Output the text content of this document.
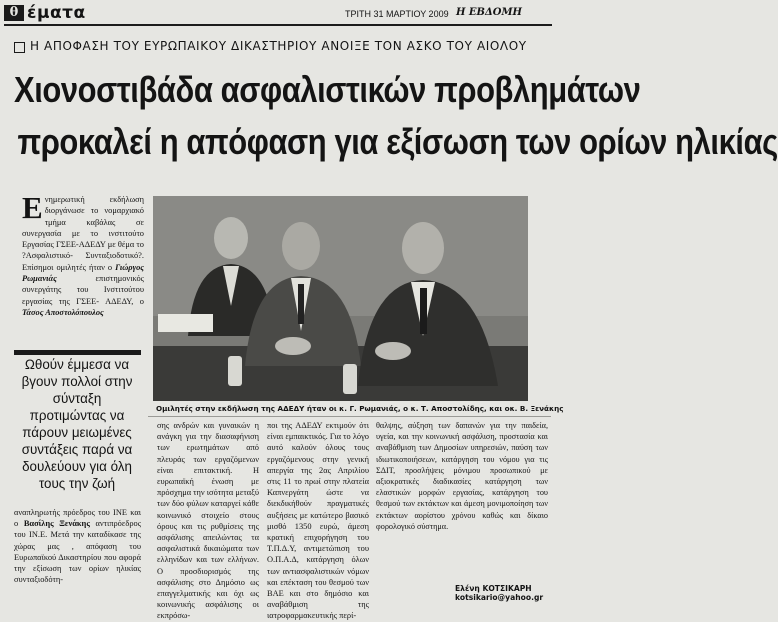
θ έματα	ΤΡΙΤΗ 31 ΜΑΡΤΙΟΥ 2009 Η ΕΒΔΟΜΗ
Η ΑΠΟΦΑΣΗ ΤΟΥ ΕΥΡΩΠΑΙΚΟΥ ΔΙΚΑΣΤΗΡΙΟΥ ΑΝΟΙΞΕ ΤΟΝ ΑΣΚΟ ΤΟΥ ΑΙΟΛΟΥ
Χιονοστιβάδα ασφαλιστικών προβλημάτων
προκαλεί η απόφαση για εξίσωση των ορίων ηλικίας
Ενημερωτική εκδήλωση διοργάνωσε το νομαρχιακό τμήμα καβάλας σε συνεργασία με το ινστιτούτο Εργασίας ΓΣΕΕ-ΑΔΕΔΥ με θέμα το ?Ασφαλιστικό- Συνταξιοδοτικό?. Επίσημοι ομιλητές ήταν ο Γιώργος Ρωμανιάς επιστημονικός συνεργάτης του Ινστιτούτου εργασίας της ΓΣΕΕ- ΑΔΕΔΥ, ο Τάσος Αποστολόπουλος
Ωθούν έμμεσα να βγουν πολλοί στην σύνταξη προτιμώντας να πάρουν μειωμένες συντάξεις παρά να δουλεύουν για όλη τους την ζωή
Ομιλητές στην εκδήλωση της ΑΔΕΔΥ ήταν οι κ. Γ. Ρωμανιάς, ο κ. Τ. Αποστολίδης, και οκ. Β. Ξενάκης
αναπληρωτής πρόεδρος του ΙΝΕ και ο Βασίλης Ξενάκης αντιπρόεδρος του ΙΝ.Ε. Μετά την καταδίκασε της χώρας μας , απόφαση του Ευρωπαϊκού Δικαστηρίου που αφορά την εξίσωση των ορίων ηλικίας συνταξιοδότη-
σης ανδρών και γυναικών η ανάγκη για την διασαφήνιση των ερωτημάτων από πλευράς των εργαζόμενων είναι επιτακτική. Η ευρωπαϊκή ένωση με πρόσχημα την ισότητα μεταξύ των δύο φύλων καταργεί κάθε κοινωνικό στοιχείο στους όρους και τις ρυθμίσεις της ασφάλισης απειλώντας τα ασφαλιστικά δικαιώματα των ελληνίδων και των ελλήνων. Ο προσδιορισμός της ασφάλισης στο Δημόσιο ως επαγγελματικής και όχι ως κοινωνικής ασφάλισης οι εκπρόσω-
ποι της ΑΔΕΔΥ εκτιμούν ότι είναι εμπαικτικός. Για το λόγο αυτό καλούν όλους τους εργαζόμενους στην γενική απεργία της 2ας Απριλίου στις 11 το πρωί στην πλατεία Καπνεργάτη ώστε να διεκδικήθούν πραγματικές αυξήσεις με κατώτερο βασικό μισθό 1350 ευρώ, άμεση κρατική επιχορήγηση του Τ.Π.Δ.Υ, αντιμετώπιση του Ο.Π.Α.Δ, κατάργηση όλων των αντιασφαλιστικών νόμων και επέκταση του θεσμού των ΒΑΕ και στο δημόσιο και αναβάθμιση της ιατροφαρμακευτικής περί-
θαλψης, αύξηση των δαπανών για την παιδεία, υγεία, και την κοινωνική ασφάλιση, προστασία και αναβάθμιση των Δημοσίων υπηρεσιών, παύση των ιδιωτικοποιήσεων, κατάργηση του νόμου για τις ΣΔΙΤ, προσλήψεις μόνιμου προσωπικού με αξιοκρατικές διαδικασίες κατάργηση των ελαστικών μορφών εργασίας, κατάργηση του θεσμού των εκτάκτων και άμεση μονιμοποίηση των εκτάκτων αορίστου χρόνου καθώς και δίκαιο φορολογικό σύστημα.
Ελένη ΚΟΤΣΙΚΑΡΗ
kotsikario@yahoo.gr
